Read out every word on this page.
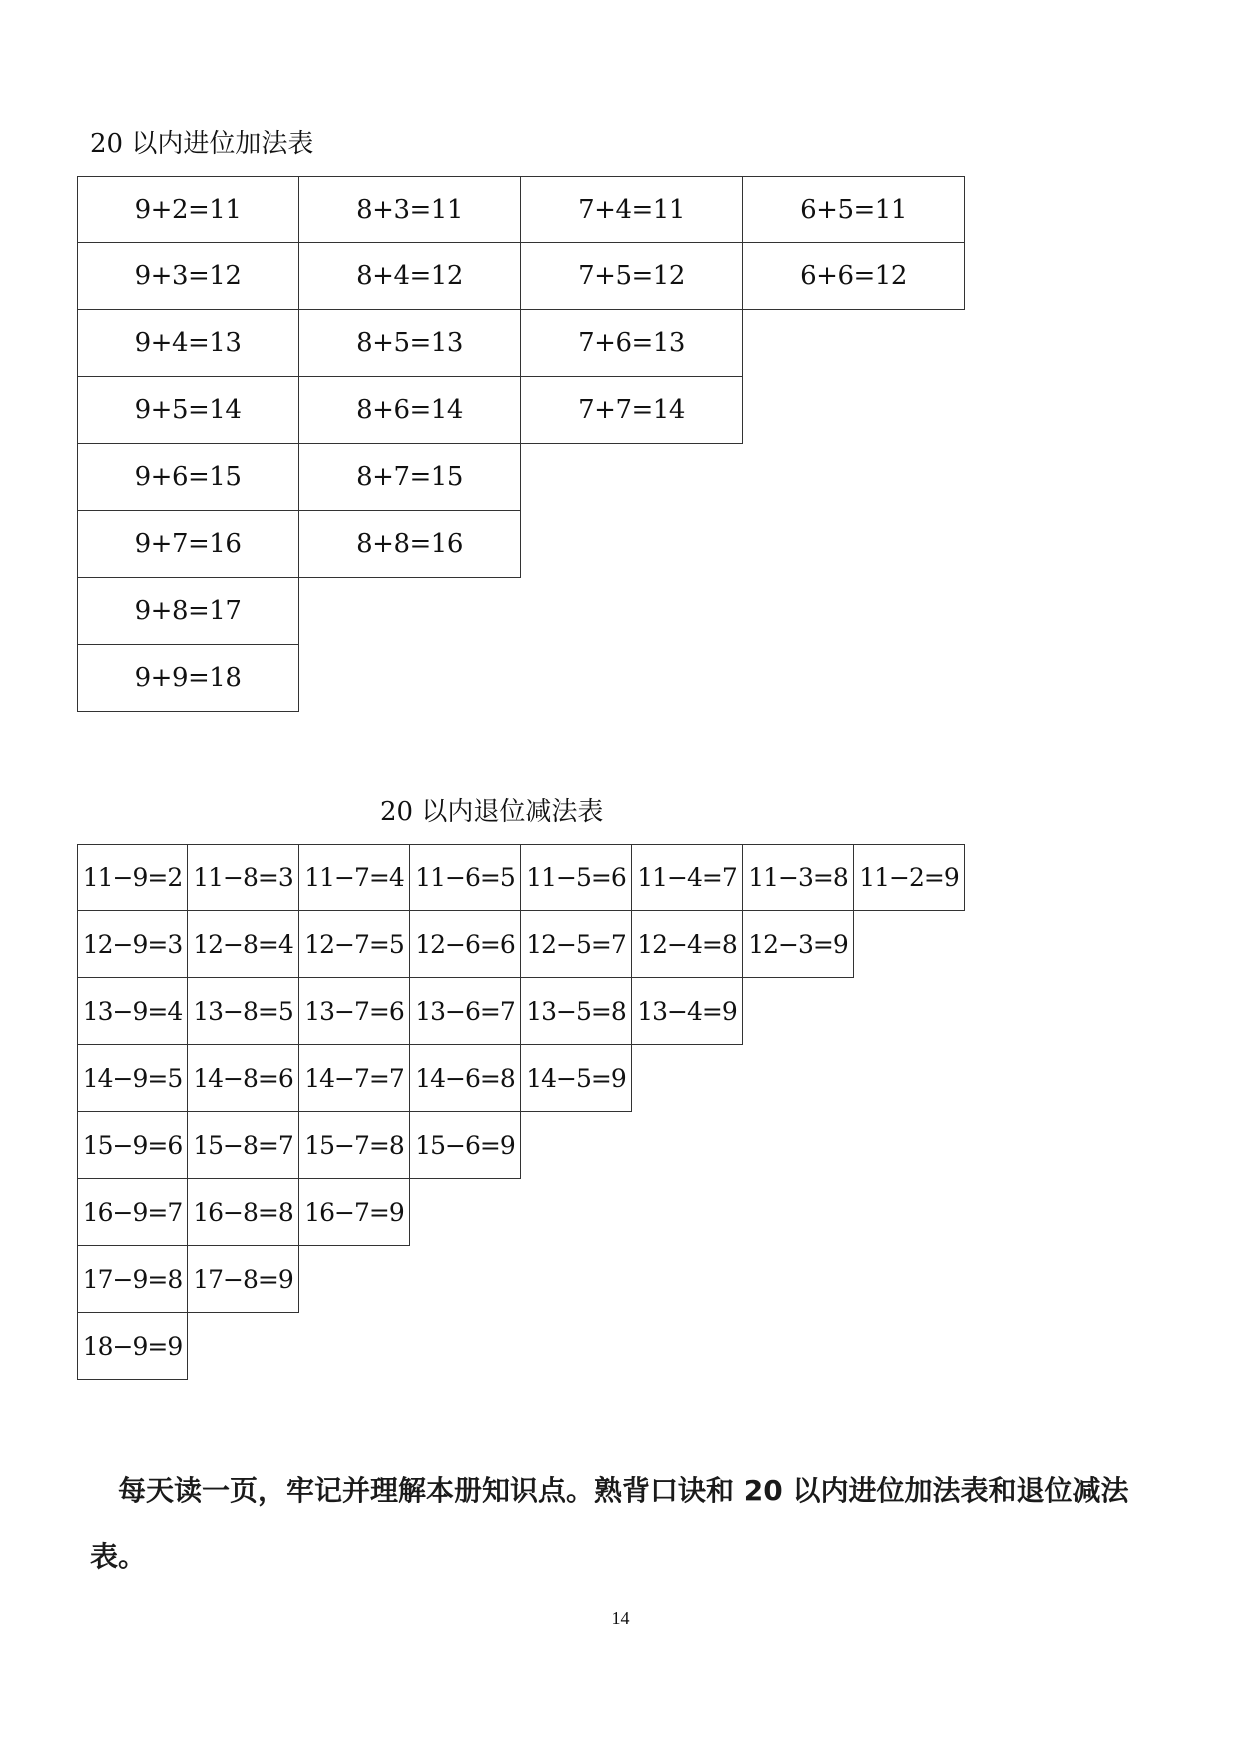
20 以内进位加法表
9+2=11	8+3=11	7+4=11	6+5=11
9+3=12	8+4=12	7+5=12	6+6=12
9+4=13	8+5=13	7+6=13
9+5=14	8+6=14	7+7=14
9+6=15	8+7=15
9+7=16	8+8=16
9+8=17
9+9=18
20 以内退位减法表
11−9=2 11−8=3 11−7=4 11−6=5 11−5=6 11−4=7 11−3=8 11−2=9
12−9=3 12−8=4 12−7=5 12−6=6 12−5=7 12−4=8 12−3=9
13−9=4 13−8=5 13−7=6 13−6=7 13−5=8 13−4=9
14−9=5 14−8=6 14−7=7 14−6=8 14−5=9
15−9=6 15−8=7 15−7=8 15−6=9
16−9=7 16−8=8 16−7=9
17−9=8 17−8=9
18−9=9

每天读一页，牢记并理解本册知识点。熟背口诀和 20 以内进位加法表和退位减法表。

14
